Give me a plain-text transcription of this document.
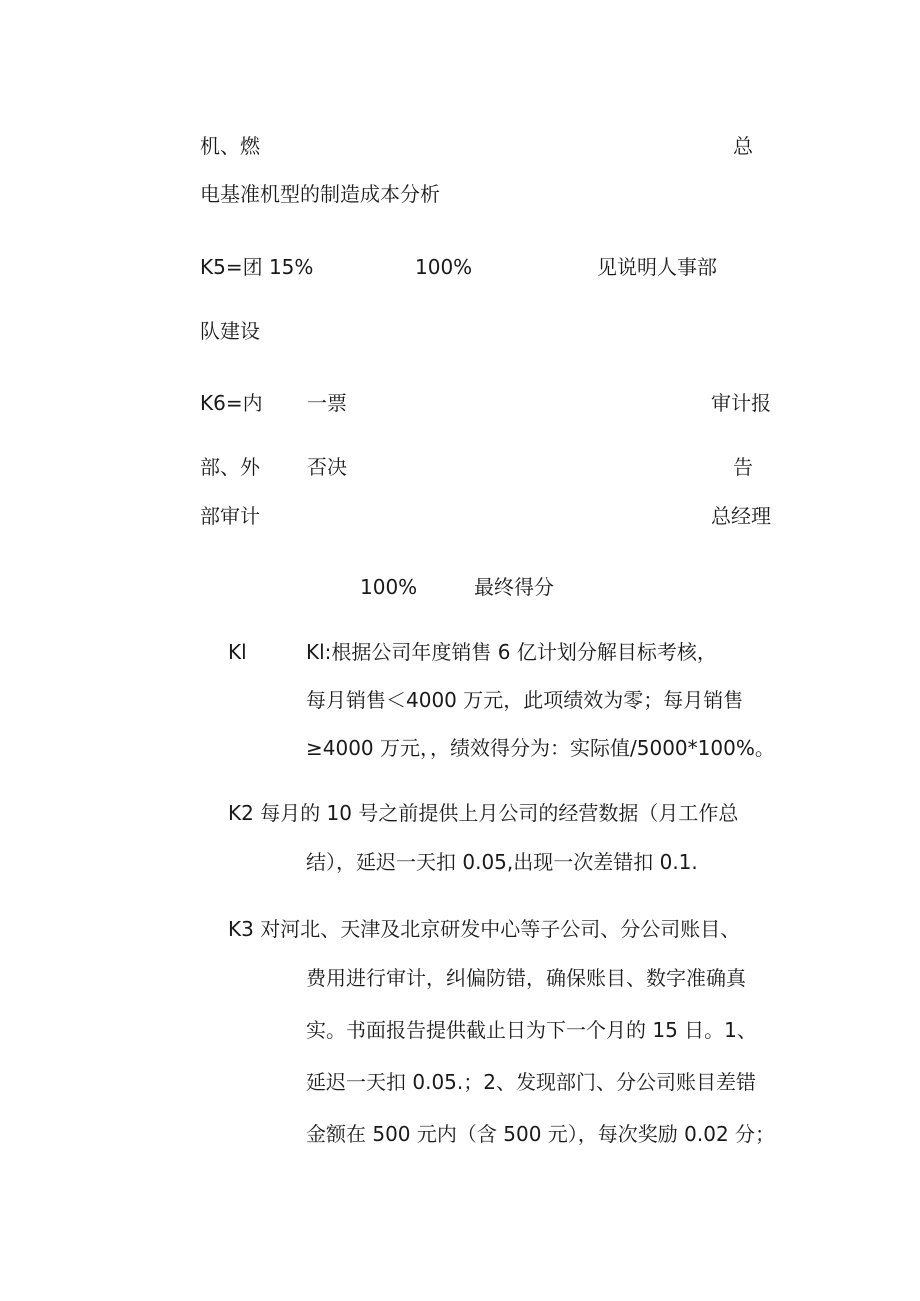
机、燃	总
电基准机型的制造成本分析
K5=团 15%	100%	见说明人事部
队建设
K6=内 一票	审计报
部、外 否决	告
部审计	总经理
100%	最终得分
Kl	Kl:根据公司年度销售 6 亿计划分解目标考核，
每月销售＜4000 万元，此项绩效为零；每月销售
≥4000 万元，，绩效得分为：实际值/5000*100%。
K2 每月的 10 号之前提供上月公司的经营数据（月工作总
结），延迟一天扣 0.05,出现一次差错扣 0.1.
K3 对河北、天津及北京研发中心等子公司、分公司账目、
费用进行审计，纠偏防错，确保账目、数字准确真
实。书面报告提供截止日为下一个月的 15 日。1、
延迟一天扣 0.05.；2、发现部门、分公司账目差错
金额在 500 元内（含 500 元），每次奖励 0.02 分；
